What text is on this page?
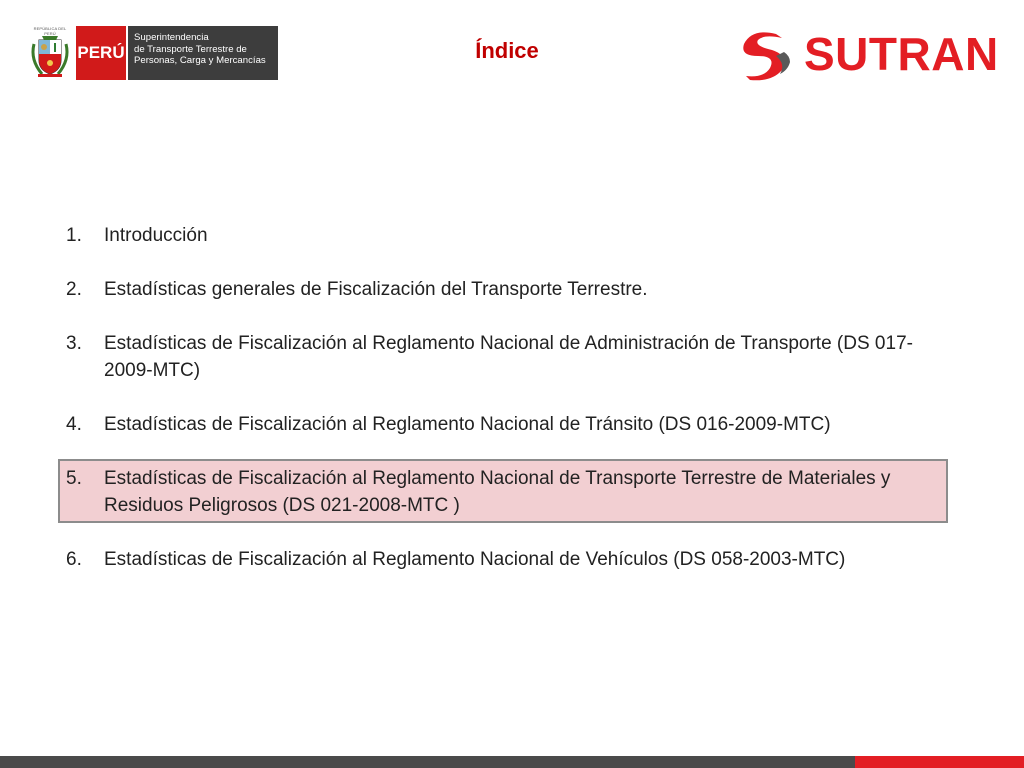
REPÚBLICA DEL PERÚ
PERÚ
Superintendencia
de Transporte Terrestre de
Personas, Carga y Mercancías	Índice	SUTRAN
1.	Introducción
2.	Estadísticas generales de Fiscalización del Transporte Terrestre.
3.	Estadísticas de Fiscalización al Reglamento Nacional de Administración de Transporte (DS 017-2009-MTC)
4.	Estadísticas de Fiscalización al Reglamento Nacional de Tránsito (DS 016-2009-MTC)
5.	Estadísticas de Fiscalización al Reglamento Nacional de Transporte Terrestre de Materiales y
Residuos Peligrosos (DS 021-2008-MTC )
6.	Estadísticas de Fiscalización al Reglamento Nacional de Vehículos (DS 058-2003-MTC)
